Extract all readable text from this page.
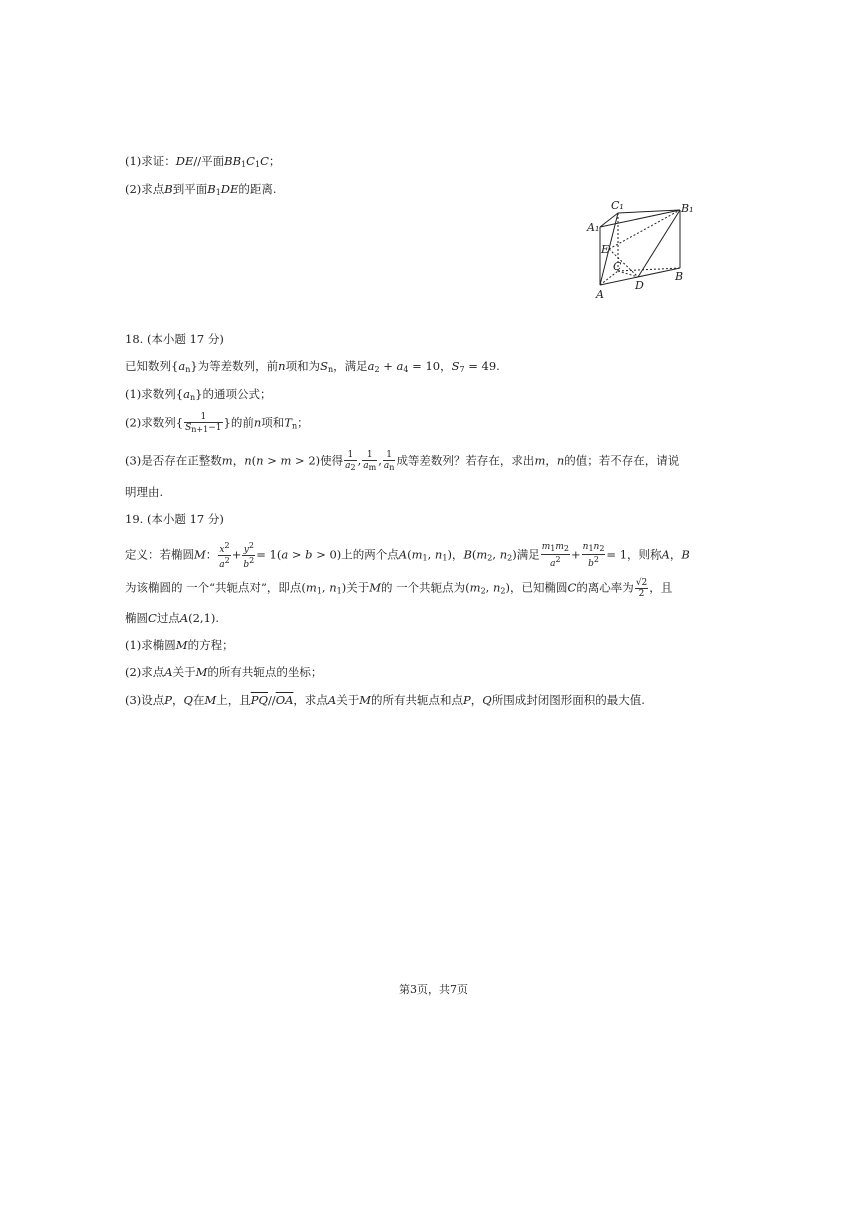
(1)求证：DE//平面$BB_1C_1C$；
(2)求点B到平面$B_1DE$的距离.
C₁	B₁
A₁
E
C
D
B
A
18. (本小题 17 分)
已知数列$\{a_n\}$为等差数列，前n项和为$S_n$，满足$a_2 + a_4 = 10$，$S_7 = 49$.
(1)求数列$\{a_n\}$的通项公式；
(2)求数列{ $\frac{1}{Sn+1-1}$ }的前n项和$T_n$；
(3)是否存在正整数m，n(n > m > 2)使得 $\frac{1}{a2}$ , $\frac{1}{am}$ , $\frac{1}{an}$ 成等差数列？若存在，求出m，n的值；若不存在，请说
明理由.
19. (本小题 17 分)
定义：若椭圆M： $\frac{x2}{a2} + \frac{y2}{b2} = 1(a > b > 0)$上的两个点$A(m_1$, $n_1$)，$B(m_2$, $n_2$)满足 $\frac{m1m2}{a2} + \frac{n1n2}{b2} = 1$，则称A，B
为该椭圆的 一个“共轭点对”，即点($m_1$, $n_1$)关于M的 一个共轭点为($m_2$, $n_2$)，已知椭圆C的离心率为 $\frac{√2}{2}$ ，且
椭圆C过点A(2,1).
(1)求椭圆M的方程；
(2)求点A关于M的所有共轭点的坐标；
(3)设点P，Q在M上，且$\overline{PQ}//\overline{OA}$，求点A关于M的所有共轭点和点P，Q所围成封闭图形面积的最大值.
第3页，共7页
